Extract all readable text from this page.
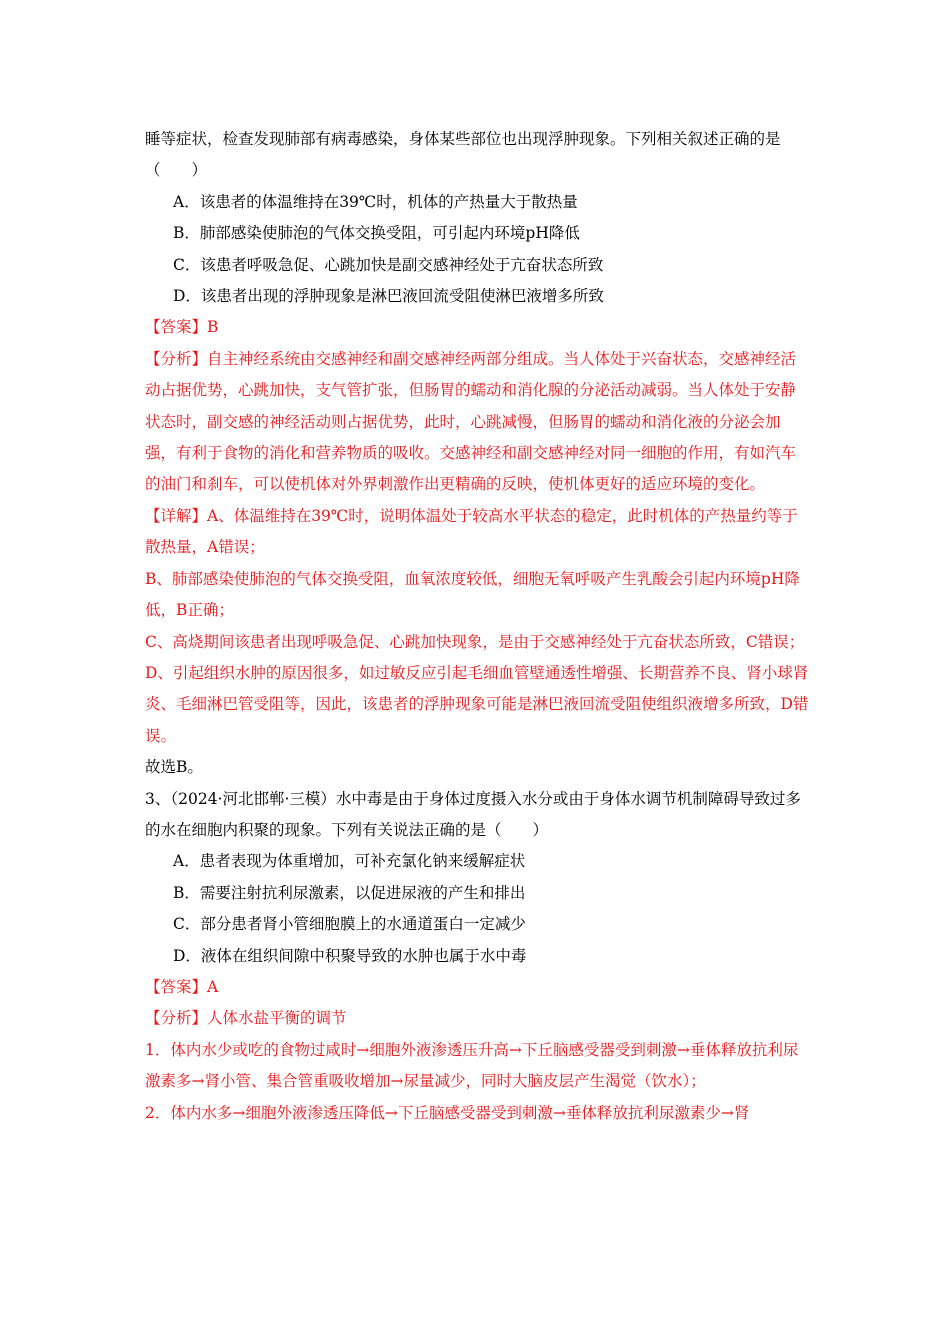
睡等症状，检查发现肺部有病毒感染，身体某些部位也出现浮肿现象。下列相关叙述正确的是（　　）

A．该患者的体温维持在39℃时，机体的产热量大于散热量

B．肺部感染使肺泡的气体交换受阻，可引起内环境pH降低

C．该患者呼吸急促、心跳加快是副交感神经处于亢奋状态所致

D．该患者出现的浮肿现象是淋巴液回流受阻使淋巴液增多所致

【答案】B

【分析】自主神经系统由交感神经和副交感神经两部分组成。当人体处于兴奋状态，交感神经活动占据优势，心跳加快，支气管扩张，但肠胃的蠕动和消化腺的分泌活动减弱。当人体处于安静状态时，副交感的神经活动则占据优势，此时，心跳减慢，但肠胃的蠕动和消化液的分泌会加强，有利于食物的消化和营养物质的吸收。交感神经和副交感神经对同一细胞的作用，有如汽车的油门和刹车，可以使机体对外界刺激作出更精确的反映，使机体更好的适应环境的变化。

【详解】A、体温维持在39℃时，说明体温处于较高水平状态的稳定，此时机体的产热量约等于散热量，A错误；

B、肺部感染使肺泡的气体交换受阻，血氧浓度较低，细胞无氧呼吸产生乳酸会引起内环境pH降低，B正确；

C、高烧期间该患者出现呼吸急促、心跳加快现象，是由于交感神经处于亢奋状态所致，C错误；

D、引起组织水肿的原因很多，如过敏反应引起毛细血管壁通透性增强、长期营养不良、肾小球肾炎、毛细淋巴管受阻等，因此，该患者的浮肿现象可能是淋巴液回流受阻使组织液增多所致，D错误。

故选B。

3、（2024·河北邯郸·三模）水中毒是由于身体过度摄入水分或由于身体水调节机制障碍导致过多的水在细胞内积聚的现象。下列有关说法正确的是（　　）

A．患者表现为体重增加，可补充氯化钠来缓解症状

B．需要注射抗利尿激素，以促进尿液的产生和排出

C．部分患者肾小管细胞膜上的水通道蛋白一定减少

D．液体在组织间隙中积聚导致的水肿也属于水中毒

【答案】A

【分析】人体水盐平衡的调节

1．体内水少或吃的食物过咸时→细胞外液渗透压升高→下丘脑感受器受到刺激→垂体释放抗利尿激素多→肾小管、集合管重吸收增加→尿量减少，同时大脑皮层产生渴觉（饮水）；

2．体内水多→细胞外液渗透压降低→下丘脑感受器受到刺激→垂体释放抗利尿激素少→肾
